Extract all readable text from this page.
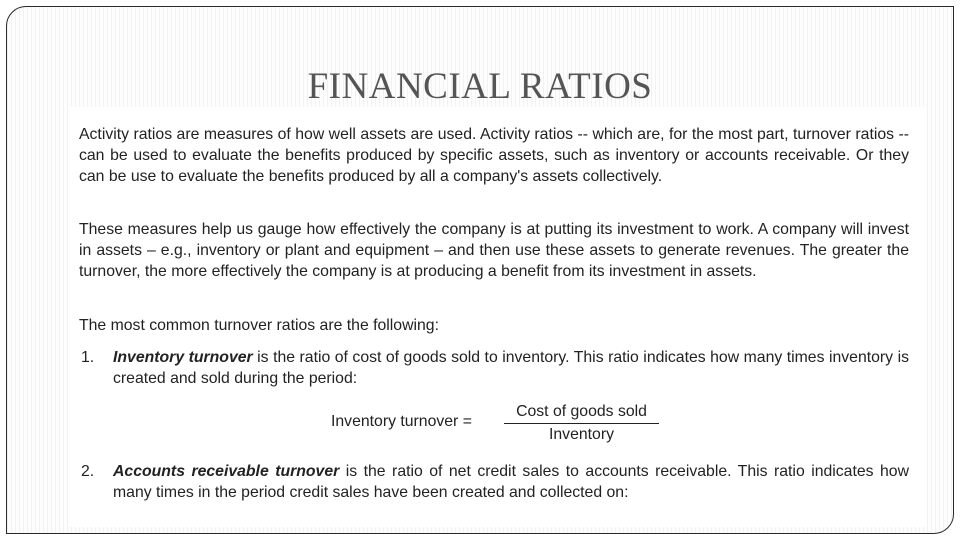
FINANCIAL RATIOS

Activity ratios are measures of how well assets are used. Activity ratios -- which are, for the most part, turnover ratios -- can be used to evaluate the benefits produced by specific assets, such as inventory or accounts receivable. Or they can be use to evaluate the benefits produced by all a company's assets collectively.

These measures help us gauge how effectively the company is at putting its investment to work. A company will invest in assets – e.g., inventory or plant and equipment – and then use these assets to generate revenues. The greater the turnover, the more effectively the company is at producing a benefit from its investment in assets.

The most common turnover ratios are the following:

1. Inventory turnover is the ratio of cost of goods sold to inventory. This ratio indicates how many times inventory is created and sold during the period:
Inventory turnover =
Cost of goods sold
Inventory
2. Accounts receivable turnover is the ratio of net credit sales to accounts receivable. This ratio indicates how many times in the period credit sales have been created and collected on:
